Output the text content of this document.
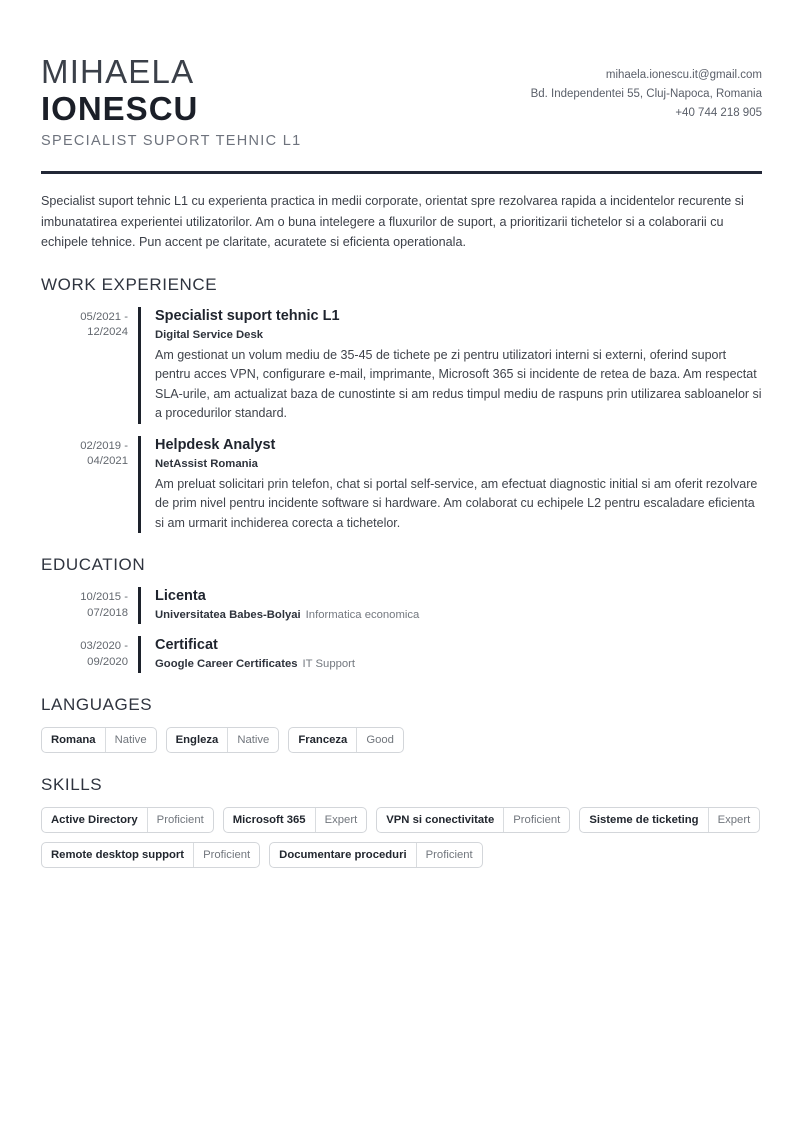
MIHAELA
IONESCU
SPECIALIST SUPORT TEHNIC L1
mihaela.ionescu.it@gmail.com
Bd. Independentei 55, Cluj-Napoca, Romania
+40 744 218 905
Specialist suport tehnic L1 cu experienta practica in medii corporate, orientat spre rezolvarea rapida a incidentelor recurente si imbunatatirea experientei utilizatorilor. Am o buna intelegere a fluxurilor de suport, a prioritizarii tichetelor si a colaborarii cu echipele tehnice. Pun accent pe claritate, acuratete si eficienta operationala.
WORK EXPERIENCE
05/2021 -
12/2024
Specialist suport tehnic L1
Digital Service Desk
Am gestionat un volum mediu de 35-45 de tichete pe zi pentru utilizatori interni si externi, oferind suport pentru acces VPN, configurare e-mail, imprimante, Microsoft 365 si incidente de retea de baza. Am respectat SLA-urile, am actualizat baza de cunostinte si am redus timpul mediu de raspuns prin utilizarea sabloanelor si a procedurilor standard.
02/2019 -
04/2021
Helpdesk Analyst
NetAssist Romania
Am preluat solicitari prin telefon, chat si portal self-service, am efectuat diagnostic initial si am oferit rezolvare de prim nivel pentru incidente software si hardware. Am colaborat cu echipele L2 pentru escaladare eficienta si am urmarit inchiderea corecta a tichetelor.
EDUCATION
10/2015 -
07/2018
Licenta
Universitatea Babes-Bolyai Informatica economica
03/2020 -
09/2020
Certificat
Google Career Certificates IT Support
LANGUAGES
Romana	Native	Engleza	Native	Franceza	Good
SKILLS
Active Directory	Proficient	Microsoft 365	Expert	VPN si conectivitate	Proficient	Sisteme de ticketing	Expert
Remote desktop support	Proficient	Documentare proceduri	Proficient
